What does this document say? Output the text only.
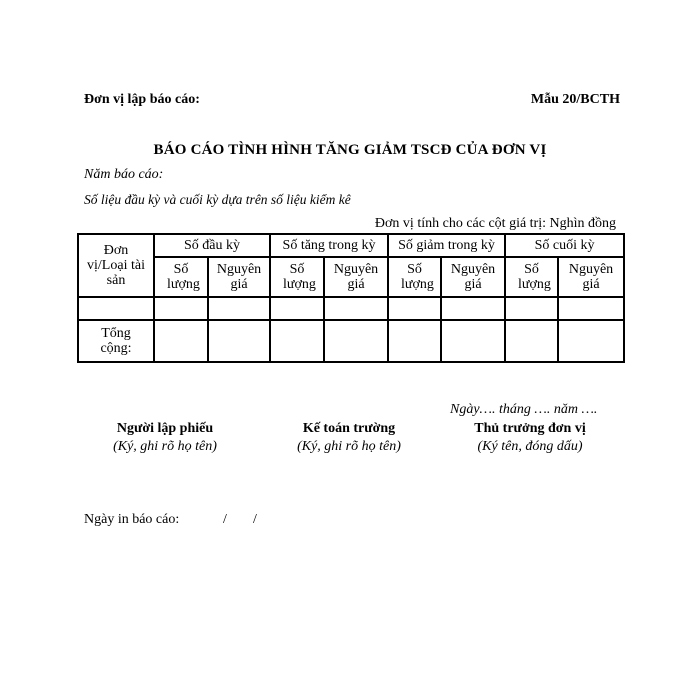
Đơn vị lập báo cáo:	Mẫu 20/BCTH
BÁO CÁO TÌNH HÌNH TĂNG GIẢM TSCĐ CỦA ĐƠN VỊ
Năm báo cáo:
Số liệu đầu kỳ và cuối kỳ dựa trên số liệu kiểm kê
Đơn vị tính cho các cột giá trị: Nghìn đồng
Đơn vị/Loại tài sản	Số đầu kỳ		Số tăng trong kỳ		Số giảm trong kỳ		Số cuối kỳ	
	Số lượng	Nguyên giá	Số lượng	Nguyên giá	Số lượng	Nguyên giá	Số lượng	Nguyên giá

Tổng cộng:								
Ngày…. tháng …. năm ….
Người lập phiếu
(Ký, ghi rõ họ tên)
Kế toán trường
(Ký, ghi rõ họ tên)
Thủ trưởng đơn vị
(Ký tên, đóng dấu)
Ngày in báo cáo:	/ /
